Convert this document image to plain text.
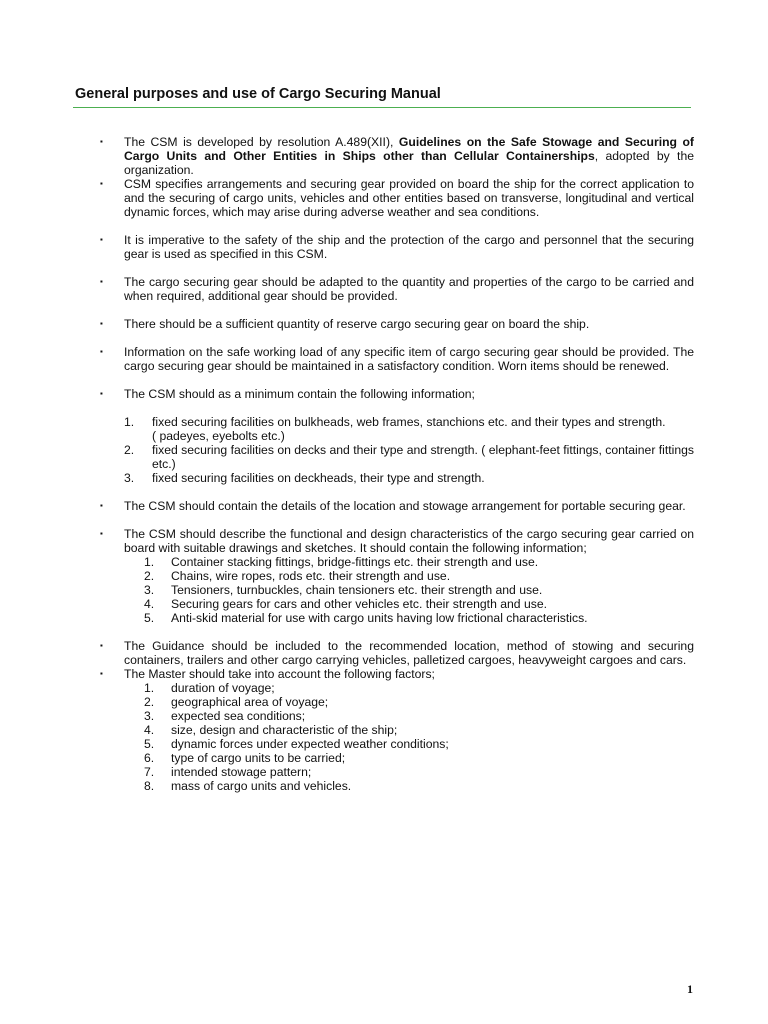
General purposes and use of Cargo Securing Manual
▪ The CSM is developed by resolution A.489(XII), Guidelines on the Safe Stowage and Securing of Cargo Units and Other Entities in Ships other than Cellular Containerships, adopted by the organization.
▪ CSM specifies arrangements and securing gear provided on board the ship for the correct application to and the securing of cargo units, vehicles and other entities based on transverse, longitudinal and vertical dynamic forces, which may arise during adverse weather and sea conditions.
▪ It is imperative to the safety of the ship and the protection of the cargo and personnel that the securing gear is used as specified in this CSM.
▪ The cargo securing gear should be adapted to the quantity and properties of the cargo to be carried and when required, additional gear should be provided.
▪ There should be a sufficient quantity of reserve cargo securing gear on board the ship.
▪ Information on the safe working load of any specific item of cargo securing gear should be provided. The cargo securing gear should be maintained in a satisfactory condition. Worn items should be renewed.
▪ The CSM should as a minimum contain the following information;
1. fixed securing facilities on bulkheads, web frames, stanchions etc. and their types and strength.
( padeyes, eyebolts etc.)
2. fixed securing facilities on decks and their type and strength. ( elephant-feet fittings, container fittings etc.)
3. fixed securing facilities on deckheads, their type and strength.
▪ The CSM should contain the details of the location and stowage arrangement for portable securing gear.
▪ The CSM should describe the functional and design characteristics of the cargo securing gear carried on board with suitable drawings and sketches. It should contain the following information;
1. Container stacking fittings, bridge-fittings etc. their strength and use.
2. Chains, wire ropes, rods etc. their strength and use.
3. Tensioners, turnbuckles, chain tensioners etc. their strength and use.
4. Securing gears for cars and other vehicles etc. their strength and use.
5. Anti-skid material for use with cargo units having low frictional characteristics.
▪ The Guidance should be included to the recommended location, method of stowing and securing containers, trailers and other cargo carrying vehicles, palletized cargoes, heavyweight cargoes and cars.
▪ The Master should take into account the following factors;
1. duration of voyage;
2. geographical area of voyage;
3. expected sea conditions;
4. size, design and characteristic of the ship;
5. dynamic forces under expected weather conditions;
6. type of cargo units to be carried;
7. intended stowage pattern;
8. mass of cargo units and vehicles.
1
